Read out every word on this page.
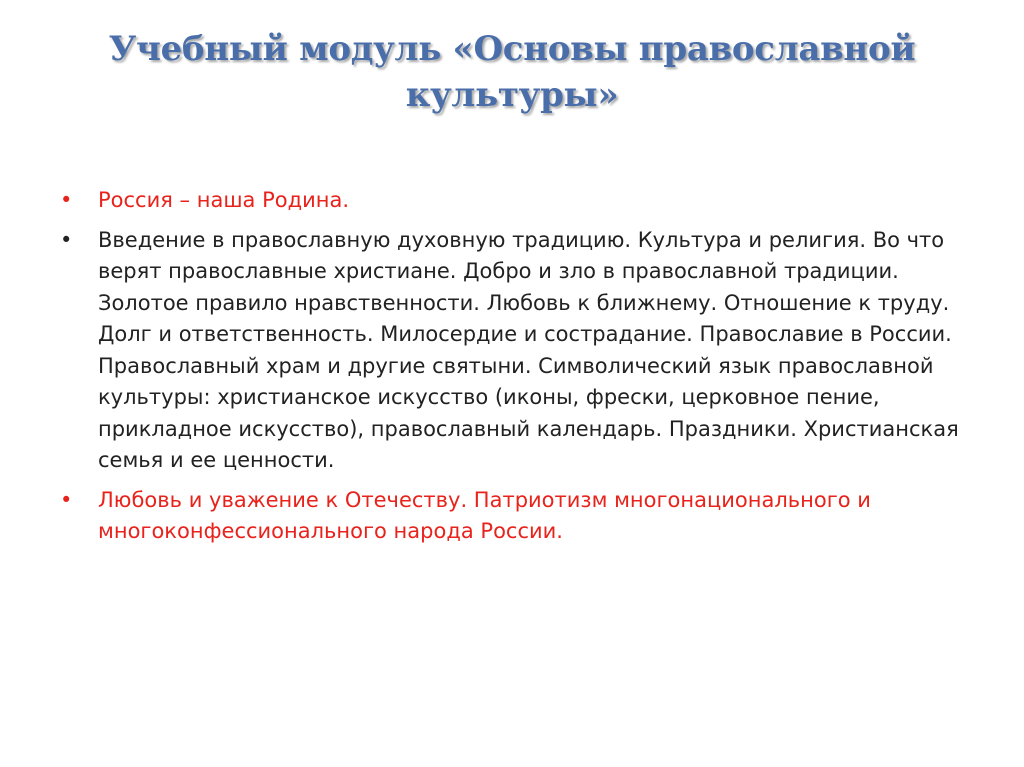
Учебный модуль «Основы православной культуры»
•	Россия – наша Родина.
•	Введение в православную духовную традицию. Культура и религия. Во что верят православные христиане. Добро и зло в православной традиции. Золотое правило нравственности. Любовь к ближнему. Отношение к труду. Долг и ответственность. Милосердие и сострадание. Православие в России. Православный храм и другие святыни. Символический язык православной культуры: христианское искусство (иконы, фрески, церковное пение, прикладное искусство), православный календарь. Праздники. Христианская семья и ее ценности.
•	Любовь и уважение к Отечеству. Патриотизм многонационального и многоконфессионального народа России.
